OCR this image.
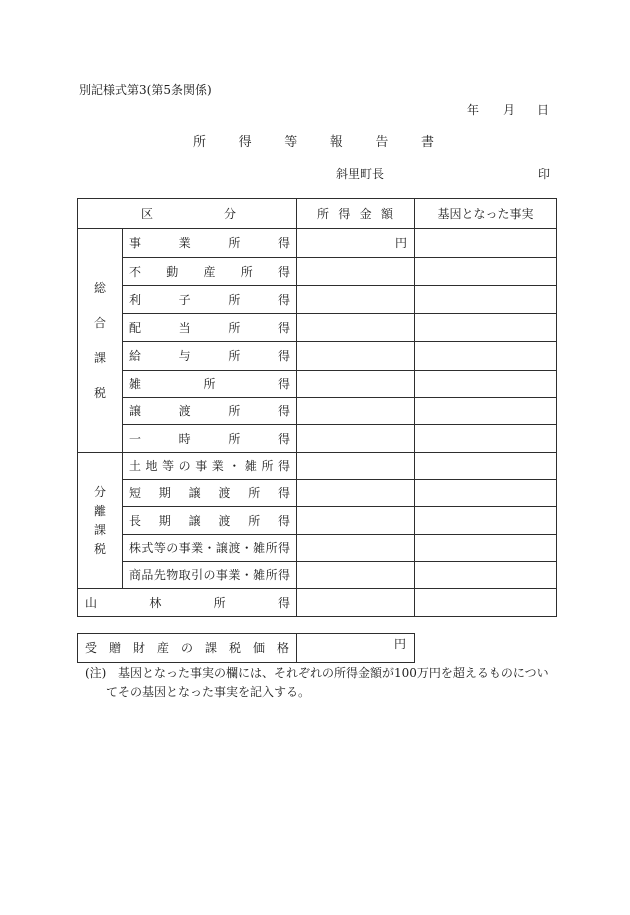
別記様式第3(第5条関係)
年 月 日
所得等報告書
斜里町長	印
区分		所得金額	基因となった事実

総合課税	事業所得	円	

	不動産所得		

	利子所得		

	配当所得		

	給与所得		

	雑所得		

	譲渡所得		

	一時所得		

分離課税	土地等の事業・雑所得		

	短期譲渡所得		

	長期譲渡所得		

	株式等の事業・譲渡・雑所得		

	商品先物取引の事業・雑所得		

山林所得			

受贈財産の課税価格	円
(注) 基因となった事実の欄には、それぞれの所得金額が100万円を超えるものについ
てその基因となった事実を記入する。
